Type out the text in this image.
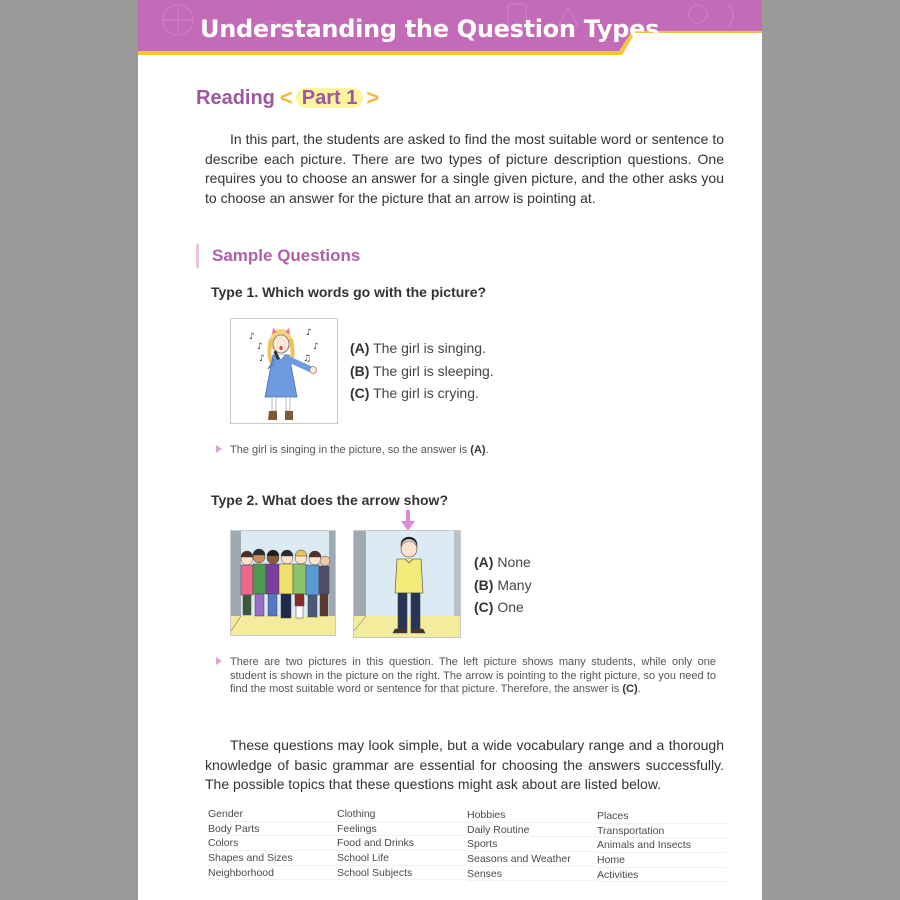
Understanding the Question Types
Reading < Part 1 >

In this part, the students are asked to find the most suitable word or sentence to describe each picture. There are two types of picture description questions. One requires you to choose an answer for a single given picture, and the other asks you to choose an answer for the picture that an arrow is pointing at.

Sample Questions
Type 1. Which words go with the picture?
♪
♪
♪
♪
♫
♪
(A) The girl is singing.
(B) The girl is sleeping.
(C) The girl is crying.
The girl is singing in the picture, so the answer is (A).
Type 2. What does the arrow show?
(A) None
(B) Many
(C) One
There are two pictures in this question. The left picture shows many students, while only one student is shown in the picture on the right. The arrow is pointing to the right picture, so you need to find the most suitable word or sentence for that picture. Therefore, the answer is (C).

These questions may look simple, but a wide vocabulary range and a thorough knowledge of basic grammar are essential for choosing the answers successfully. The possible topics that these questions might ask about are listed below.

Gender
Body Parts
Colors
Shapes and Sizes
Neighborhood
Clothing
Feelings
Food and Drinks
School Life
School Subjects
Hobbies
Daily Routine
Sports
Seasons and Weather
Senses
Places
Transportation
Animals and Insects
Home
Activities
